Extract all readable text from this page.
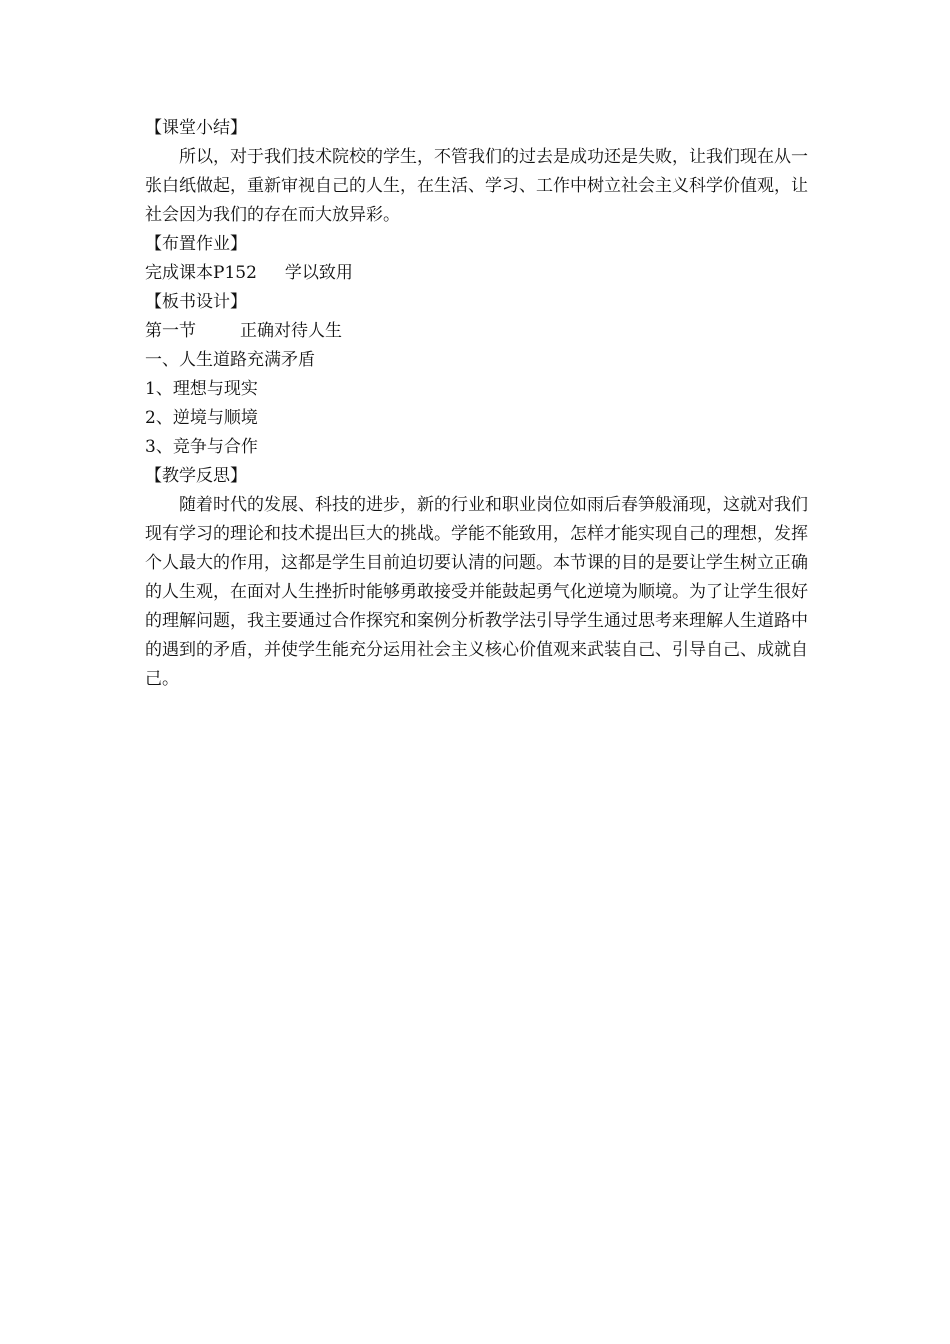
【课堂小结】

所以，对于我们技术院校的学生，不管我们的过去是成功还是失败，让我们现在从一张白纸做起，重新审视自己的人生，在生活、学习、工作中树立社会主义科学价值观，让社会因为我们的存在而大放异彩。

【布置作业】

完成课本P152 学以致用

【板书设计】

第一节	正确对待人生

一、人生道路充满矛盾

1、理想与现实

2、逆境与顺境

3、竞争与合作

【教学反思】

随着时代的发展、科技的进步，新的行业和职业岗位如雨后春笋般涌现，这就对我们现有学习的理论和技术提出巨大的挑战。学能不能致用，怎样才能实现自己的理想，发挥个人最大的作用，这都是学生目前迫切要认清的问题。本节课的目的是要让学生树立正确的人生观，在面对人生挫折时能够勇敢接受并能鼓起勇气化逆境为顺境。为了让学生很好的理解问题，我主要通过合作探究和案例分析教学法引导学生通过思考来理解人生道路中的遇到的矛盾，并使学生能充分运用社会主义核心价值观来武装自己、引导自己、成就自己。
